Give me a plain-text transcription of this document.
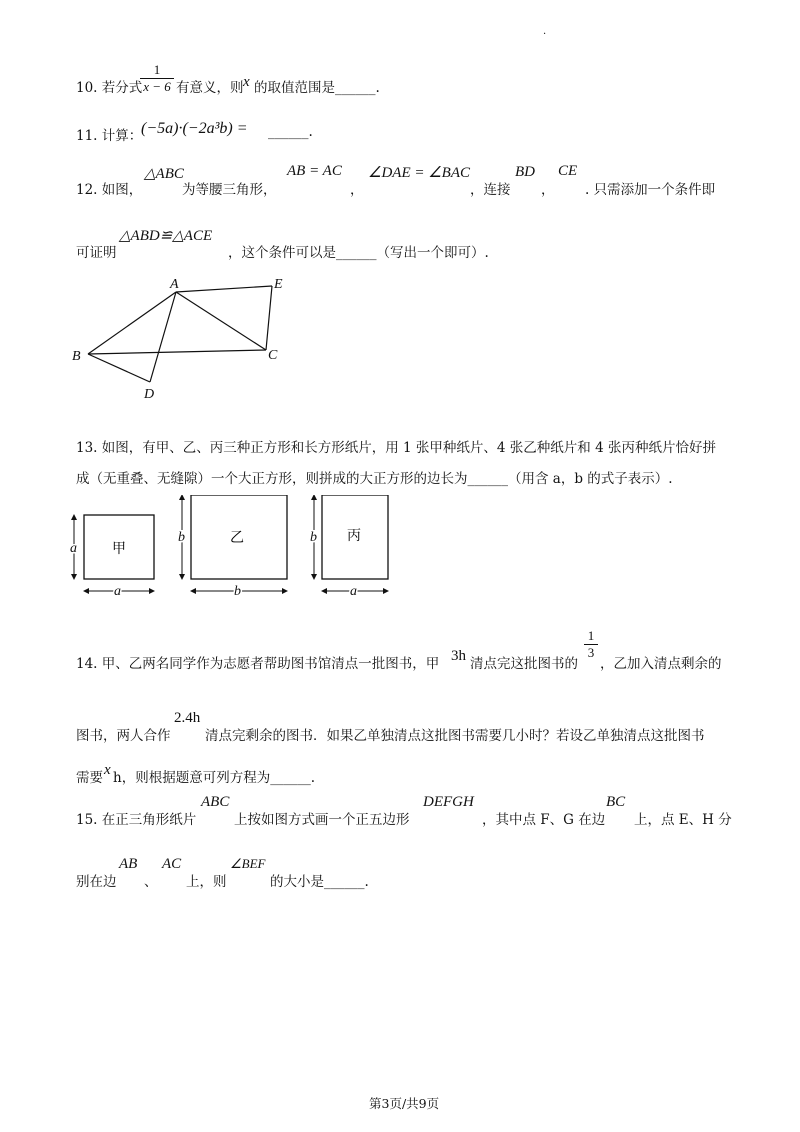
.
10. 若分式
$\frac{1}{x - 6}$ 有意义，则 x 的取值范围是______.
11. 计算：
(−5a)·(−2a³b) = ______.
12. 如图，
△ABC
为等腰三角形，
AB = AC
，
∠DAE = ∠BAC
，连接
BD
，
CE
. 只需添加一个条件即
可证明
△ABD≌△ACE
，这个条件可以是______（写出一个即可）.
A
B	C
D
E
13. 如图，有甲、乙、丙三种正方形和长方形纸片，用 1 张甲种纸片、4 张乙种纸片和 4 张丙种纸片恰好拼
成（无重叠、无缝隙）一个大正方形，则拼成的大正方形的边长为______（用含 a，b 的式子表示）.
甲
a
a
乙
b
b
丙
b
a
14. 甲、乙两名同学作为志愿者帮助图书馆清点一批图书，甲 3h 清点完这批图书的
$\frac{1}{3}$
，乙加入清点剩余的
图书，两人合作
2.4h
清点完剩余的图书．如果乙单独清点这批图书需要几小时？若设乙单独清点这批图书
需要 x h，则根据题意可列方程为______.
15. 在正三角形纸片
ABC
上按如图方式画一个正五边形
DEFGH
，其中点 F、G 在边
BC
上，点 E、H 分
别在边
AB
、
AC
上，则
∠BEF
的大小是______.
第3页/共9页
